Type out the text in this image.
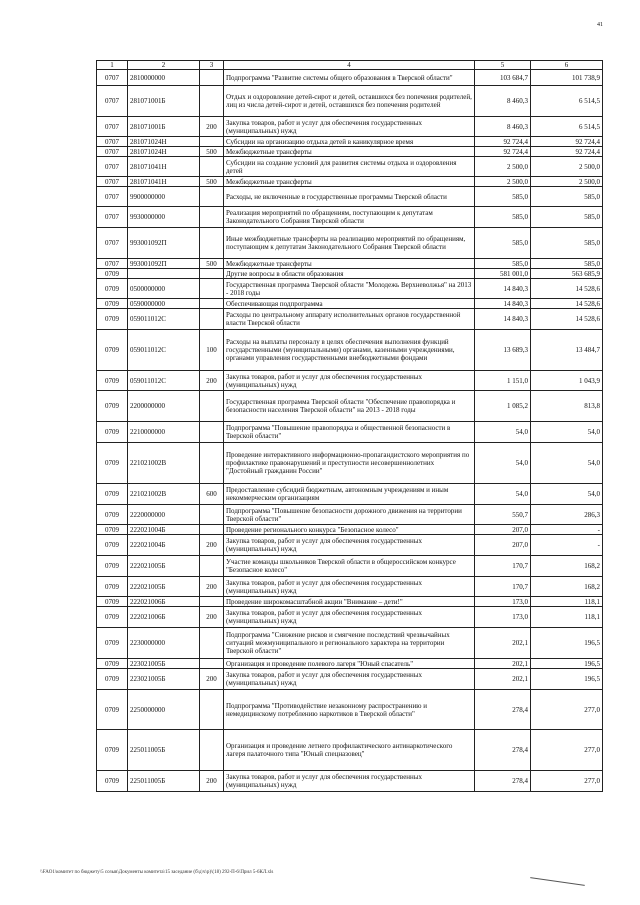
41
1	2	3	4	5	6
0707	2810000000		Подпрограмма "Развитие системы общего образования в Тверской области"	103 684,7	101 738,9
0707	281071001Б		Отдых и оздоровление детей-сирот и детей, оставшихся без попечения родителей, лиц из числа детей-сирот и детей, оставшихся без попечения родителей	8 460,3	6 514,5
0707	281071001Б	200	Закупка товаров, работ и услуг для обеспечения государственных (муниципальных) нужд	8 460,3	6 514,5
0707	281071024Н		Субсидии на организацию отдыха детей в каникулярное время	92 724,4	92 724,4
0707	281071024Н	500	Межбюджетные трансферты	92 724,4	92 724,4
0707	281071041Н		Субсидии на создание условий для развития системы отдыха и оздоровления детей	2 500,0	2 500,0
0707	281071041Н	500	Межбюджетные трансферты	2 500,0	2 500,0
0707	9900000000		Расходы, не включенные в государственные программы Тверской области	585,0	585,0
0707	9930000000		Реализация мероприятий по обращениям, поступающим к депутатам Законодательного Собрания Тверской области	585,0	585,0
0707	993001092П		Иные межбюджетные трансферты на реализацию мероприятий по обращениям, поступающим к депутатам Законодательного Собрания Тверской области	585,0	585,0
0707	993001092П	500	Межбюджетные трансферты	585,0	585,0
0709			Другие вопросы в области образования	581 001,0	563 685,9
0709	0500000000		Государственная программа Тверской области "Молодежь Верхневолжья" на 2013 - 2018 годы	14 840,3	14 528,6
0709	0590000000		Обеспечивающая подпрограмма	14 840,3	14 528,6
0709	059011012С		Расходы по центральному аппарату исполнительных органов государственной власти Тверской области	14 840,3	14 528,6
0709	059011012С	100	Расходы на выплаты персоналу в целях обеспечения выполнения функций государственными (муниципальными) органами, казенными учреждениями, органами управления государственными внебюджетными фондами	13 689,3	13 484,7
0709	059011012С	200	Закупка товаров, работ и услуг для обеспечения государственных (муниципальных) нужд	1 151,0	1 043,9
0709	2200000000		Государственная программа Тверской области "Обеспечение правопорядка и безопасности населения Тверской области" на 2013 - 2018 годы	1 085,2	813,8
0709	2210000000		Подпрограмма "Повышение правопорядка и общественной безопасности в Тверской области"	54,0	54,0
0709	221021002В		Проведение интерактивного информационно-пропагандистского мероприятия по профилактике правонарушений и преступности несовершеннолетних "Достойный гражданин России"	54,0	54,0
0709	221021002В	600	Предоставление субсидий бюджетным, автономным учреждениям и иным некоммерческим организациям	54,0	54,0
0709	2220000000		Подпрограмма "Повышение безопасности дорожного движения на территории Тверской области"	550,7	286,3
0709	222021004Б		Проведение регионального конкурса "Безопасное колесо"	207,0	-
0709	222021004Б	200	Закупка товаров, работ и услуг для обеспечения государственных (муниципальных) нужд	207,0	-
0709	222021005Б		Участие команды школьников Тверской области в общероссийском конкурсе "Безопасное колесо"	170,7	168,2
0709	222021005Б	200	Закупка товаров, работ и услуг для обеспечения государственных (муниципальных) нужд	170,7	168,2
0709	222021006Б		Проведение широкомасштабной акции "Внимание – дети!"	173,0	118,1
0709	222021006Б	200	Закупка товаров, работ и услуг для обеспечения государственных (муниципальных) нужд	173,0	118,1
0709	2230000000		Подпрограмма "Снижение рисков и смягчение последствий чрезвычайных ситуаций межмуниципального и регионального характера на территории Тверской области"	202,1	196,5
0709	223021005Б		Организация и проведение полевого лагеря "Юный спасатель"	202,1	196,5
0709	223021005Б	200	Закупка товаров, работ и услуг для обеспечения государственных (муниципальных) нужд	202,1	196,5
0709	2250000000		Подпрограмма "Противодействие незаконному распространению и немедицинскому потреблению наркотиков в Тверской области"	278,4	277,0
0709	225011005Б		Организация и проведение летнего профилактического антинаркотического лагеря палаточного типа "Юный спецназовец"	278,4	277,0
0709	225011005Б	200	Закупка товаров, работ и услуг для обеспечения государственных (муниципальных) нужд	278,4	277,0
\\FAO1\комитет по бюджету\5 созыв\Документы комитета\15 заседание (б\д\ч\р)\(18) 292-П-6\Прил 5-6КЛ.xls
